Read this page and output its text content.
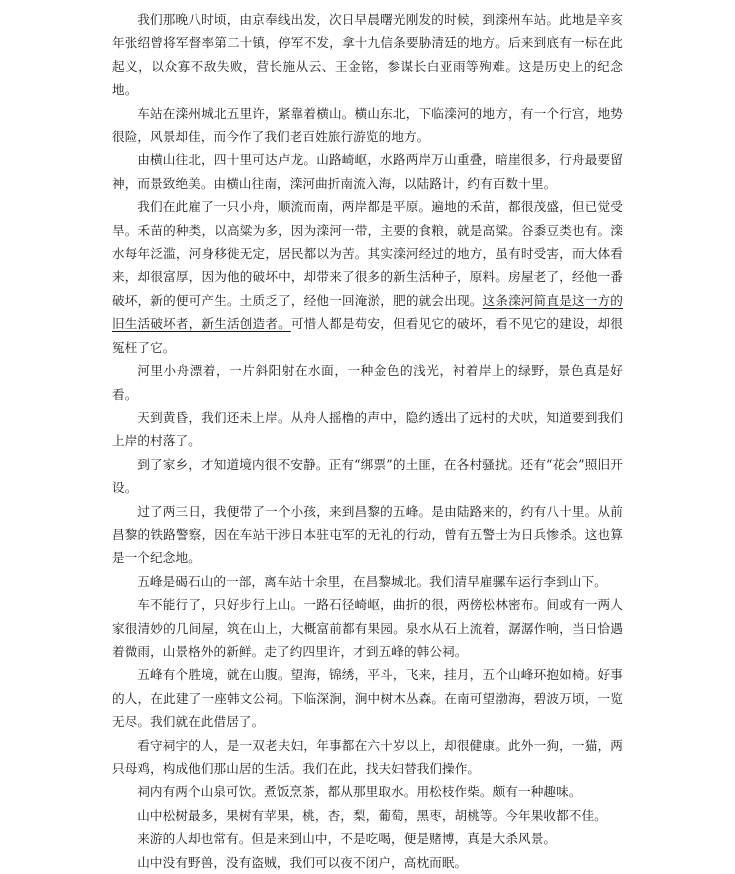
我们那晚八时顷，由京奉线出发，次日早晨曙光刚发的时候，到滦州车站。此地是辛亥年张绍曾将军督率第二十镇，停军不发，拿十九信条要胁清廷的地方。后来到底有一标在此起义，以众寡不敌失败，营长施从云、王金铭，参谋长白亚雨等殉难。这是历史上的纪念地。

车站在滦州城北五里许，紧靠着横山。横山东北，下临滦河的地方，有一个行宫，地势很险，风景却佳，而今作了我们老百姓旅行游览的地方。

由横山往北，四十里可达卢龙。山路崎岖，水路两岸万山重叠，暗崖很多，行舟最要留神，而景致绝美。由横山往南，滦河曲折南流入海，以陆路计，约有百数十里。

我们在此雇了一只小舟，顺流而南，两岸都是平原。遍地的禾苗，都很茂盛，但已觉受旱。禾苗的种类，以高粱为多，因为滦河一带，主要的食粮，就是高粱。谷黍豆类也有。滦水每年泛滥，河身移徙无定，居民都以为苦。其实滦河经过的地方，虽有时受害，而大体看来，却很富厚，因为他的破坏中，却带来了很多的新生活种子，原料。房屋老了，经他一番破坏，新的便可产生。土质乏了，经他一回淹淤，肥的就会出现。这条滦河简直是这一方的旧生活破坏者，新生活创造者。可惜人都是苟安，但看见它的破坏，看不见它的建设，却很冤枉了它。

河里小舟漂着，一片斜阳射在水面，一种金色的浅光，衬着岸上的绿野，景色真是好看。

天到黄昏，我们还未上岸。从舟人摇橹的声中，隐约透出了远村的犬吠，知道要到我们上岸的村落了。

到了家乡，才知道境内很不安静。正有“绑票”的土匪，在各村骚扰。还有“花会”照旧开设。

过了两三日，我便带了一个小孩，来到昌黎的五峰。是由陆路来的，约有八十里。从前昌黎的铁路警察，因在车站干涉日本驻屯军的无礼的行动，曾有五警士为日兵惨杀。这也算是一个纪念地。

五峰是碣石山的一部，离车站十余里，在昌黎城北。我们清早雇骡车运行李到山下。

车不能行了，只好步行上山。一路石径崎岖，曲折的很，两傍松林密布。间或有一两人家很清妙的几间屋，筑在山上，大概富前都有果园。泉水从石上流着，潺潺作响，当日恰遇着微雨，山景格外的新鲜。走了约四里许，才到五峰的韩公祠。

五峰有个胜境，就在山腹。望海，锦绣，平斗，飞来，挂月，五个山峰环抱如椅。好事的人，在此建了一座韩文公祠。下临深涧，涧中树木丛森。在南可望渤海，碧波万顷，一览无尽。我们就在此借居了。

看守祠宇的人，是一双老夫妇，年事都在六十岁以上，却很健康。此外一狗，一猫，两只母鸡，构成他们那山居的生活。我们在此，找夫妇替我们操作。

祠内有两个山泉可饮。煮饭烹茶，都从那里取水。用松枝作柴。颇有一种趣味。

山中松树最多，果树有苹果，桃，杏，梨，葡萄，黑枣，胡桃等。今年果收都不佳。

来游的人却也常有。但是来到山中，不是吃喝，便是赌博，真是大杀风景。

山中没有野兽，没有盗贼，我们可以夜不闭户，高枕而眠。
